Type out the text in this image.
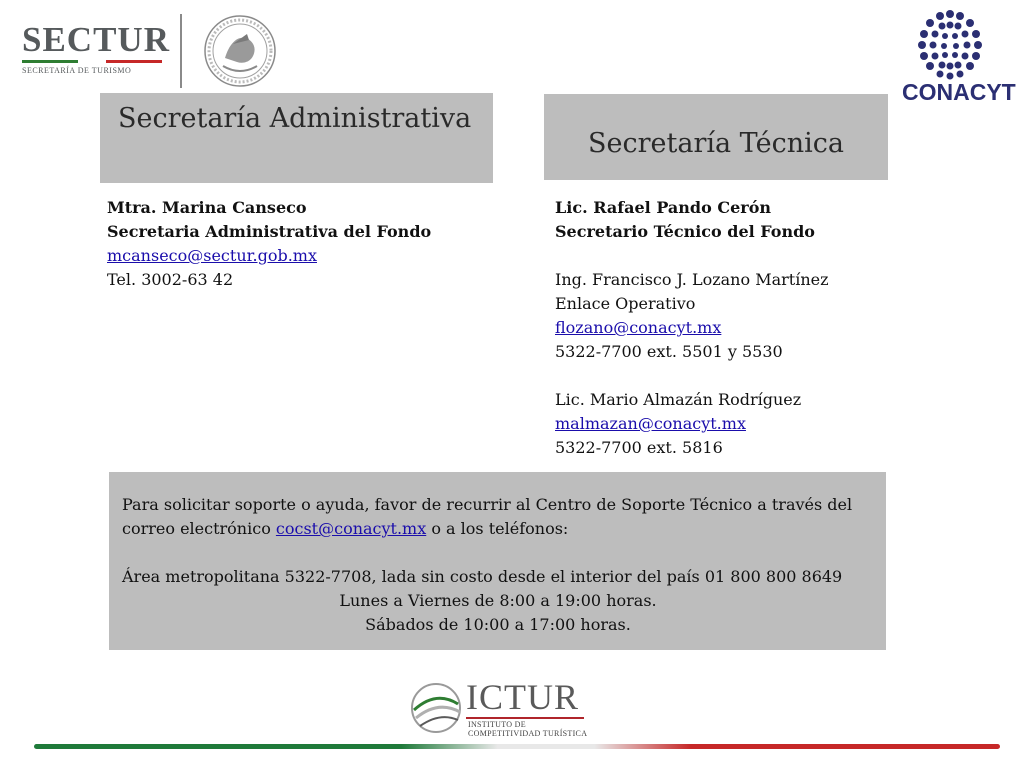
SECTUR
SECRETARÍA DE TURISMO
CONACYT
Secretaría Administrativa
Secretaría Técnica
Mtra. Marina Canseco
Secretaria Administrativa del Fondo
mcanseco@sectur.gob.mx
Tel. 3002-63 42
Lic. Rafael Pando Cerón
Secretario Técnico del Fondo

Ing. Francisco J. Lozano Martínez
Enlace Operativo
flozano@conacyt.mx
5322-7700 ext. 5501 y 5530

Lic. Mario Almazán Rodríguez
malmazan@conacyt.mx
5322-7700 ext. 5816
Para solicitar soporte o ayuda, favor de recurrir al Centro de Soporte Técnico a través del correo electrónico cocst@conacyt.mx o a los teléfonos:

Área metropolitana 5322-7708, lada sin costo desde el interior del país 01 800 800 8649
Lunes a Viernes de 8:00 a 19:00 horas.
Sábados de 10:00 a 17:00 horas.
ICTUR
INSTITUTO DE
COMPETITIVIDAD TURÍSTICA
